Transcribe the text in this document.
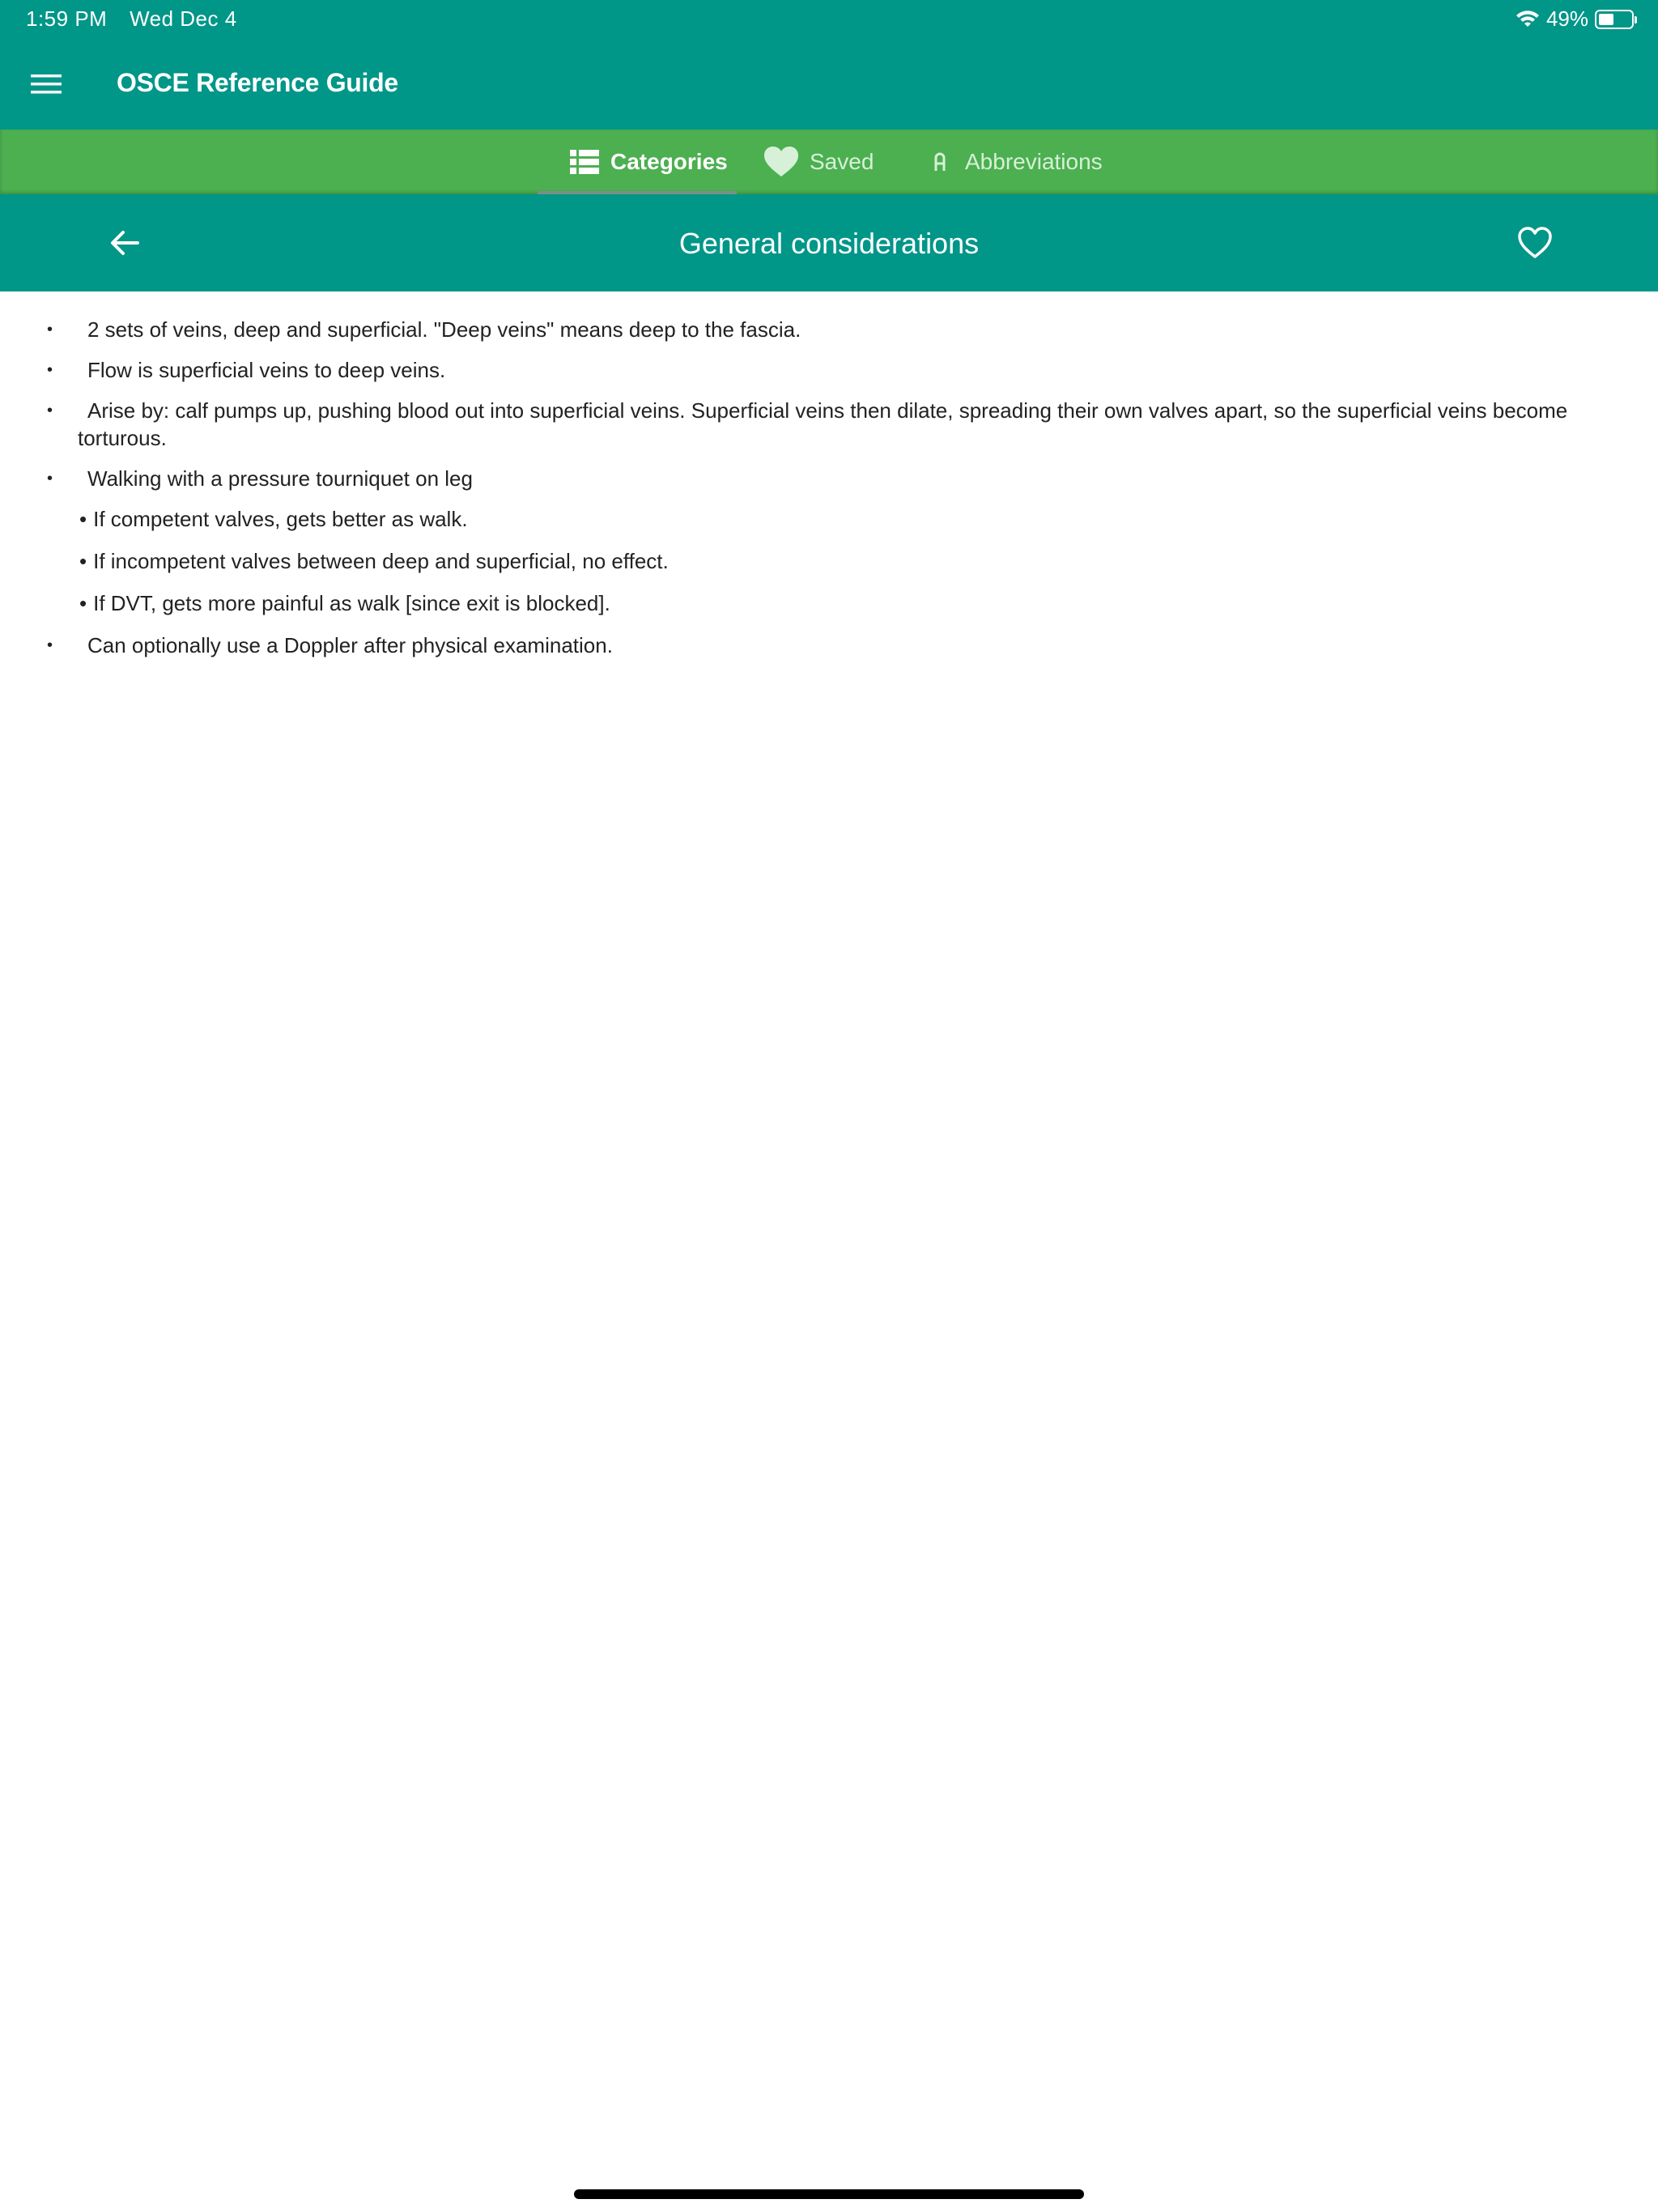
1:59 PM Wed Dec 4	49%
OSCE Reference Guide
Categories	Saved	Abbreviations
General considerations
•	2 sets of veins, deep and superficial. "Deep veins" means deep to the fascia.
•	Flow is superficial veins to deep veins.
•	Arise by: calf pumps up, pushing blood out into superficial veins. Superficial veins then dilate, spreading their own valves apart, so the superficial veins become torturous.
•	Walking with a pressure tourniquet on leg
• If competent valves, gets better as walk.
• If incompetent valves between deep and superficial, no effect.
• If DVT, gets more painful as walk [since exit is blocked].
•	Can optionally use a Doppler after physical examination.
